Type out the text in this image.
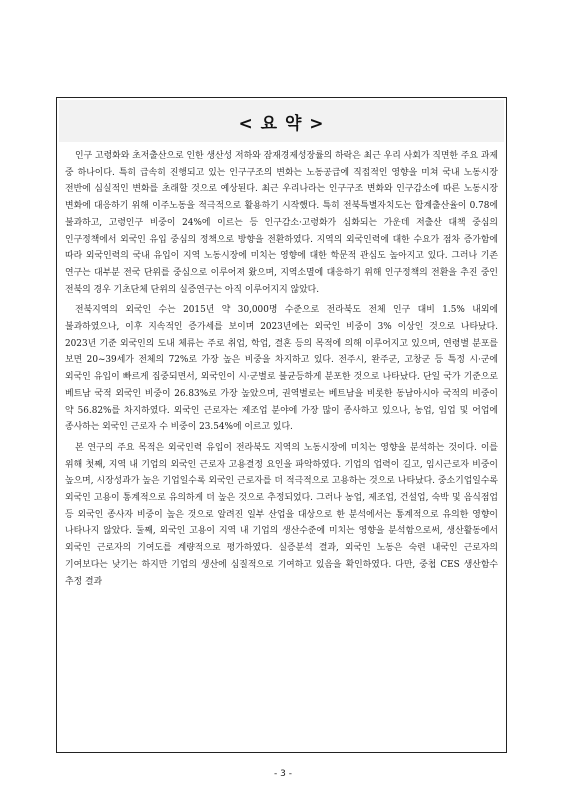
< 요 약 >

인구 고령화와 초저출산으로 인한 생산성 저하와 잠재경제성장률의 하락은 최근 우리 사회가 직면한 주요 과제 중 하나이다. 특히 급속히 진행되고 있는 인구구조의 변화는 노동공급에 직접적인 영향을 미쳐 국내 노동시장 전반에 심실적인 변화를 초래할 것으로 예상된다. 최근 우리나라는 인구구조 변화와 인구감소에 따른 노동시장 변화에 대응하기 위해 이주노동을 적극적으로 활용하기 시작했다. 특히 전북특별자치도는 합계출산율이 0.78에 불과하고, 고령인구 비중이 24%에 이르는 등 인구감소·고령화가 심화되는 가운데 저출산 대책 중심의 인구정책에서 외국인 유입 중심의 정책으로 방향을 전환하였다. 지역의 외국인력에 대한 수요가 점차 증가함에 따라 외국인력의 국내 유입이 지역 노동시장에 미치는 영향에 대한 학문적 관심도 높아지고 있다. 그러나 기존 연구는 대부분 전국 단위를 중심으로 이루어져 왔으며, 지역소멸에 대응하기 위해 인구정책의 전환을 추진 중인 전북의 경우 기초단체 단위의 실증연구는 아직 이루어지지 않았다.

전북지역의 외국인 수는 2015년 약 30,000명 수준으로 전라북도 전체 인구 대비 1.5% 내외에 불과하였으나, 이후 지속적인 증가세를 보이며 2023년에는 외국인 비중이 3% 이상인 것으로 나타났다. 2023년 기준 외국인의 도내 체류는 주로 취업, 학업, 결혼 등의 목적에 의해 이루어지고 있으며, 연령별 분포를 보면 20~39세가 전체의 72%로 가장 높은 비중을 차지하고 있다. 전주시, 완주군, 고창군 등 특정 시·군에 외국인 유입이 빠르게 집중되면서, 외국인이 시·군별로 불균등하게 분포한 것으로 나타났다. 단일 국가 기준으로 베트남 국적 외국인 비중이 26.83%로 가장 높았으며, 권역별로는 베트남을 비롯한 동남아시아 국적의 비중이 약 56.82%를 차지하였다. 외국인 근로자는 제조업 분야에 가장 많이 종사하고 있으나, 농업, 임업 및 어업에 종사하는 외국인 근로자 수 비중이 23.54%에 이르고 있다.

본 연구의 주요 목적은 외국인력 유입이 전라북도 지역의 노동시장에 미치는 영향을 분석하는 것이다. 이를 위해 첫째, 지역 내 기업의 외국인 근로자 고용결정 요인을 파악하였다. 기업의 업력이 길고, 임시근로자 비중이 높으며, 시장성과가 높은 기업일수록 외국인 근로자를 더 적극적으로 고용하는 것으로 나타났다. 중소기업일수록 외국인 고용이 통계적으로 유의하게 더 높은 것으로 추정되었다. 그러나 농업, 제조업, 건설업, 숙박 및 음식점업 등 외국인 종사자 비중이 높은 것으로 알려진 일부 산업을 대상으로 한 분석에서는 통계적으로 유의한 영향이 나타나지 않았다. 둘째, 외국인 고용이 지역 내 기업의 생산수준에 미치는 영향을 분석함으로써, 생산활동에서 외국인 근로자의 기여도를 계량적으로 평가하였다. 실증분석 결과, 외국인 노동은 숙련 내국인 근로자의 기여보다는 낮기는 하지만 기업의 생산에 심질적으로 기여하고 있음을 확인하였다. 다만, 중첩 CES 생산함수 추정 결과

- 3 -
